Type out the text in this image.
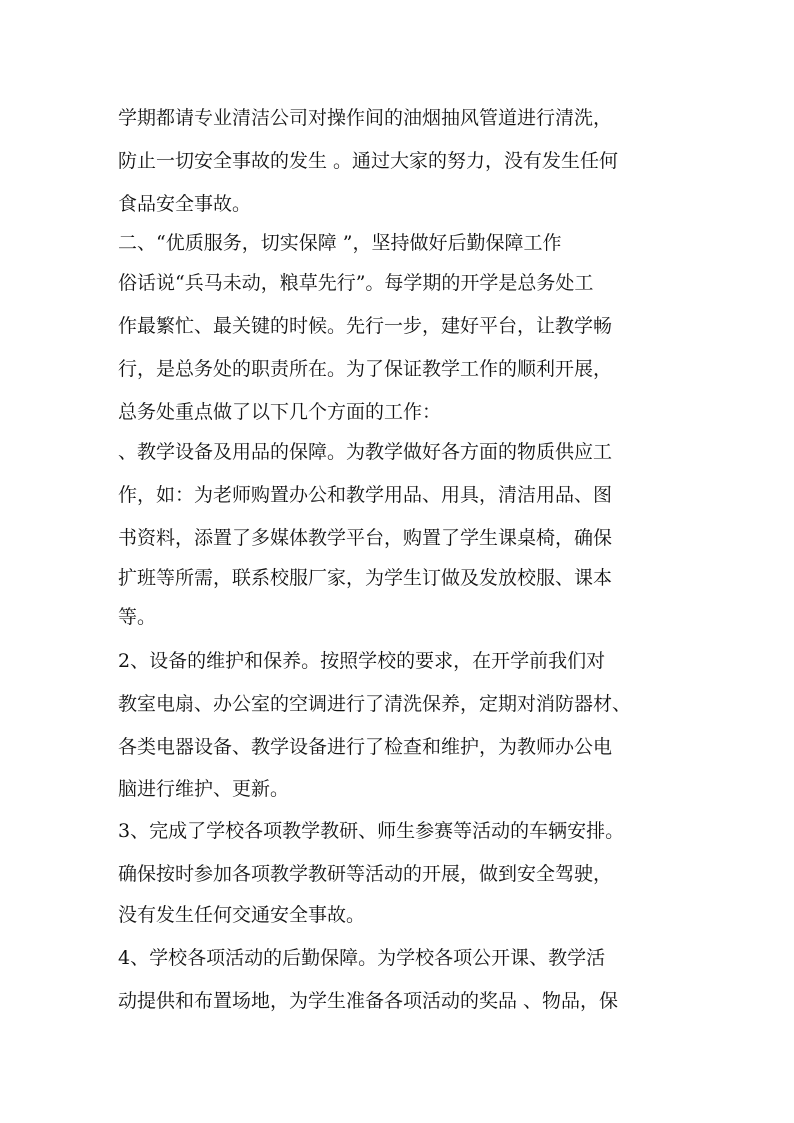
学期都请专业清洁公司对操作间的油烟抽风管道进行清洗，
防止一切安全事故的发生 。通过大家的努力，没有发生任何
食品安全事故。
二、“优质服务，切实保障 ”，坚持做好后勤保障工作
俗话说“兵马未动，粮草先行”。每学期的开学是总务处工
作最繁忙、最关键的时候。先行一步，建好平台，让教学畅
行，是总务处的职责所在。为了保证教学工作的顺利开展，
总务处重点做了以下几个方面的工作：
、教学设备及用品的保障。为教学做好各方面的物质供应工
作，如：为老师购置办公和教学用品、用具，清洁用品、图
书资料，添置了多媒体教学平台，购置了学生课桌椅，确保
扩班等所需，联系校服厂家，为学生订做及发放校服、课本
等。
2、设备的维护和保养。按照学校的要求，在开学前我们对
教室电扇、办公室的空调进行了清洗保养，定期对消防器材、
各类电器设备、教学设备进行了检查和维护，为教师办公电
脑进行维护、更新。
3、完成了学校各项教学教研、师生参赛等活动的车辆安排。
确保按时参加各项教学教研等活动的开展，做到安全驾驶，
没有发生任何交通安全事故。
4、学校各项活动的后勤保障。为学校各项公开课、教学活
动提供和布置场地，为学生准备各项活动的奖品 、物品，保
